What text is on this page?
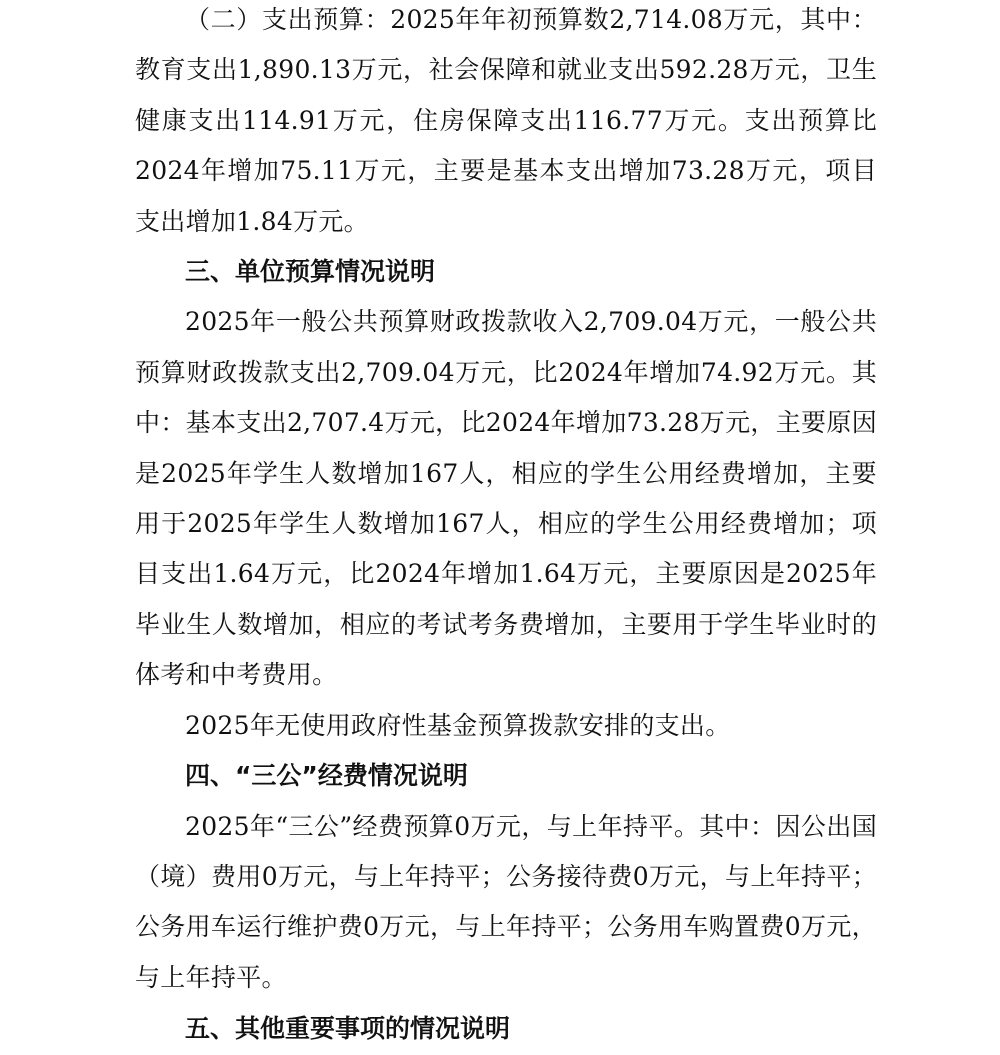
（二）支出预算：2025年年初预算数2,714.08万元，其中：教育支出1,890.13万元，社会保障和就业支出592.28万元，卫生健康支出114.91万元，住房保障支出116.77万元。支出预算比2024年增加75.11万元，主要是基本支出增加73.28万元，项目支出增加1.84万元。

三、单位预算情况说明

2025年一般公共预算财政拨款收入2,709.04万元，一般公共预算财政拨款支出2,709.04万元，比2024年增加74.92万元。其中：基本支出2,707.4万元，比2024年增加73.28万元，主要原因是2025年学生人数增加167人，相应的学生公用经费增加，主要用于2025年学生人数增加167人，相应的学生公用经费增加；项目支出1.64万元，比2024年增加1.64万元，主要原因是2025年毕业生人数增加，相应的考试考务费增加，主要用于学生毕业时的体考和中考费用。

2025年无使用政府性基金预算拨款安排的支出。

四、“三公”经费情况说明

2025年“三公”经费预算0万元，与上年持平。其中：因公出国（境）费用0万元，与上年持平；公务接待费0万元，与上年持平；公务用车运行维护费0万元，与上年持平；公务用车购置费0万元，与上年持平。

五、其他重要事项的情况说明
